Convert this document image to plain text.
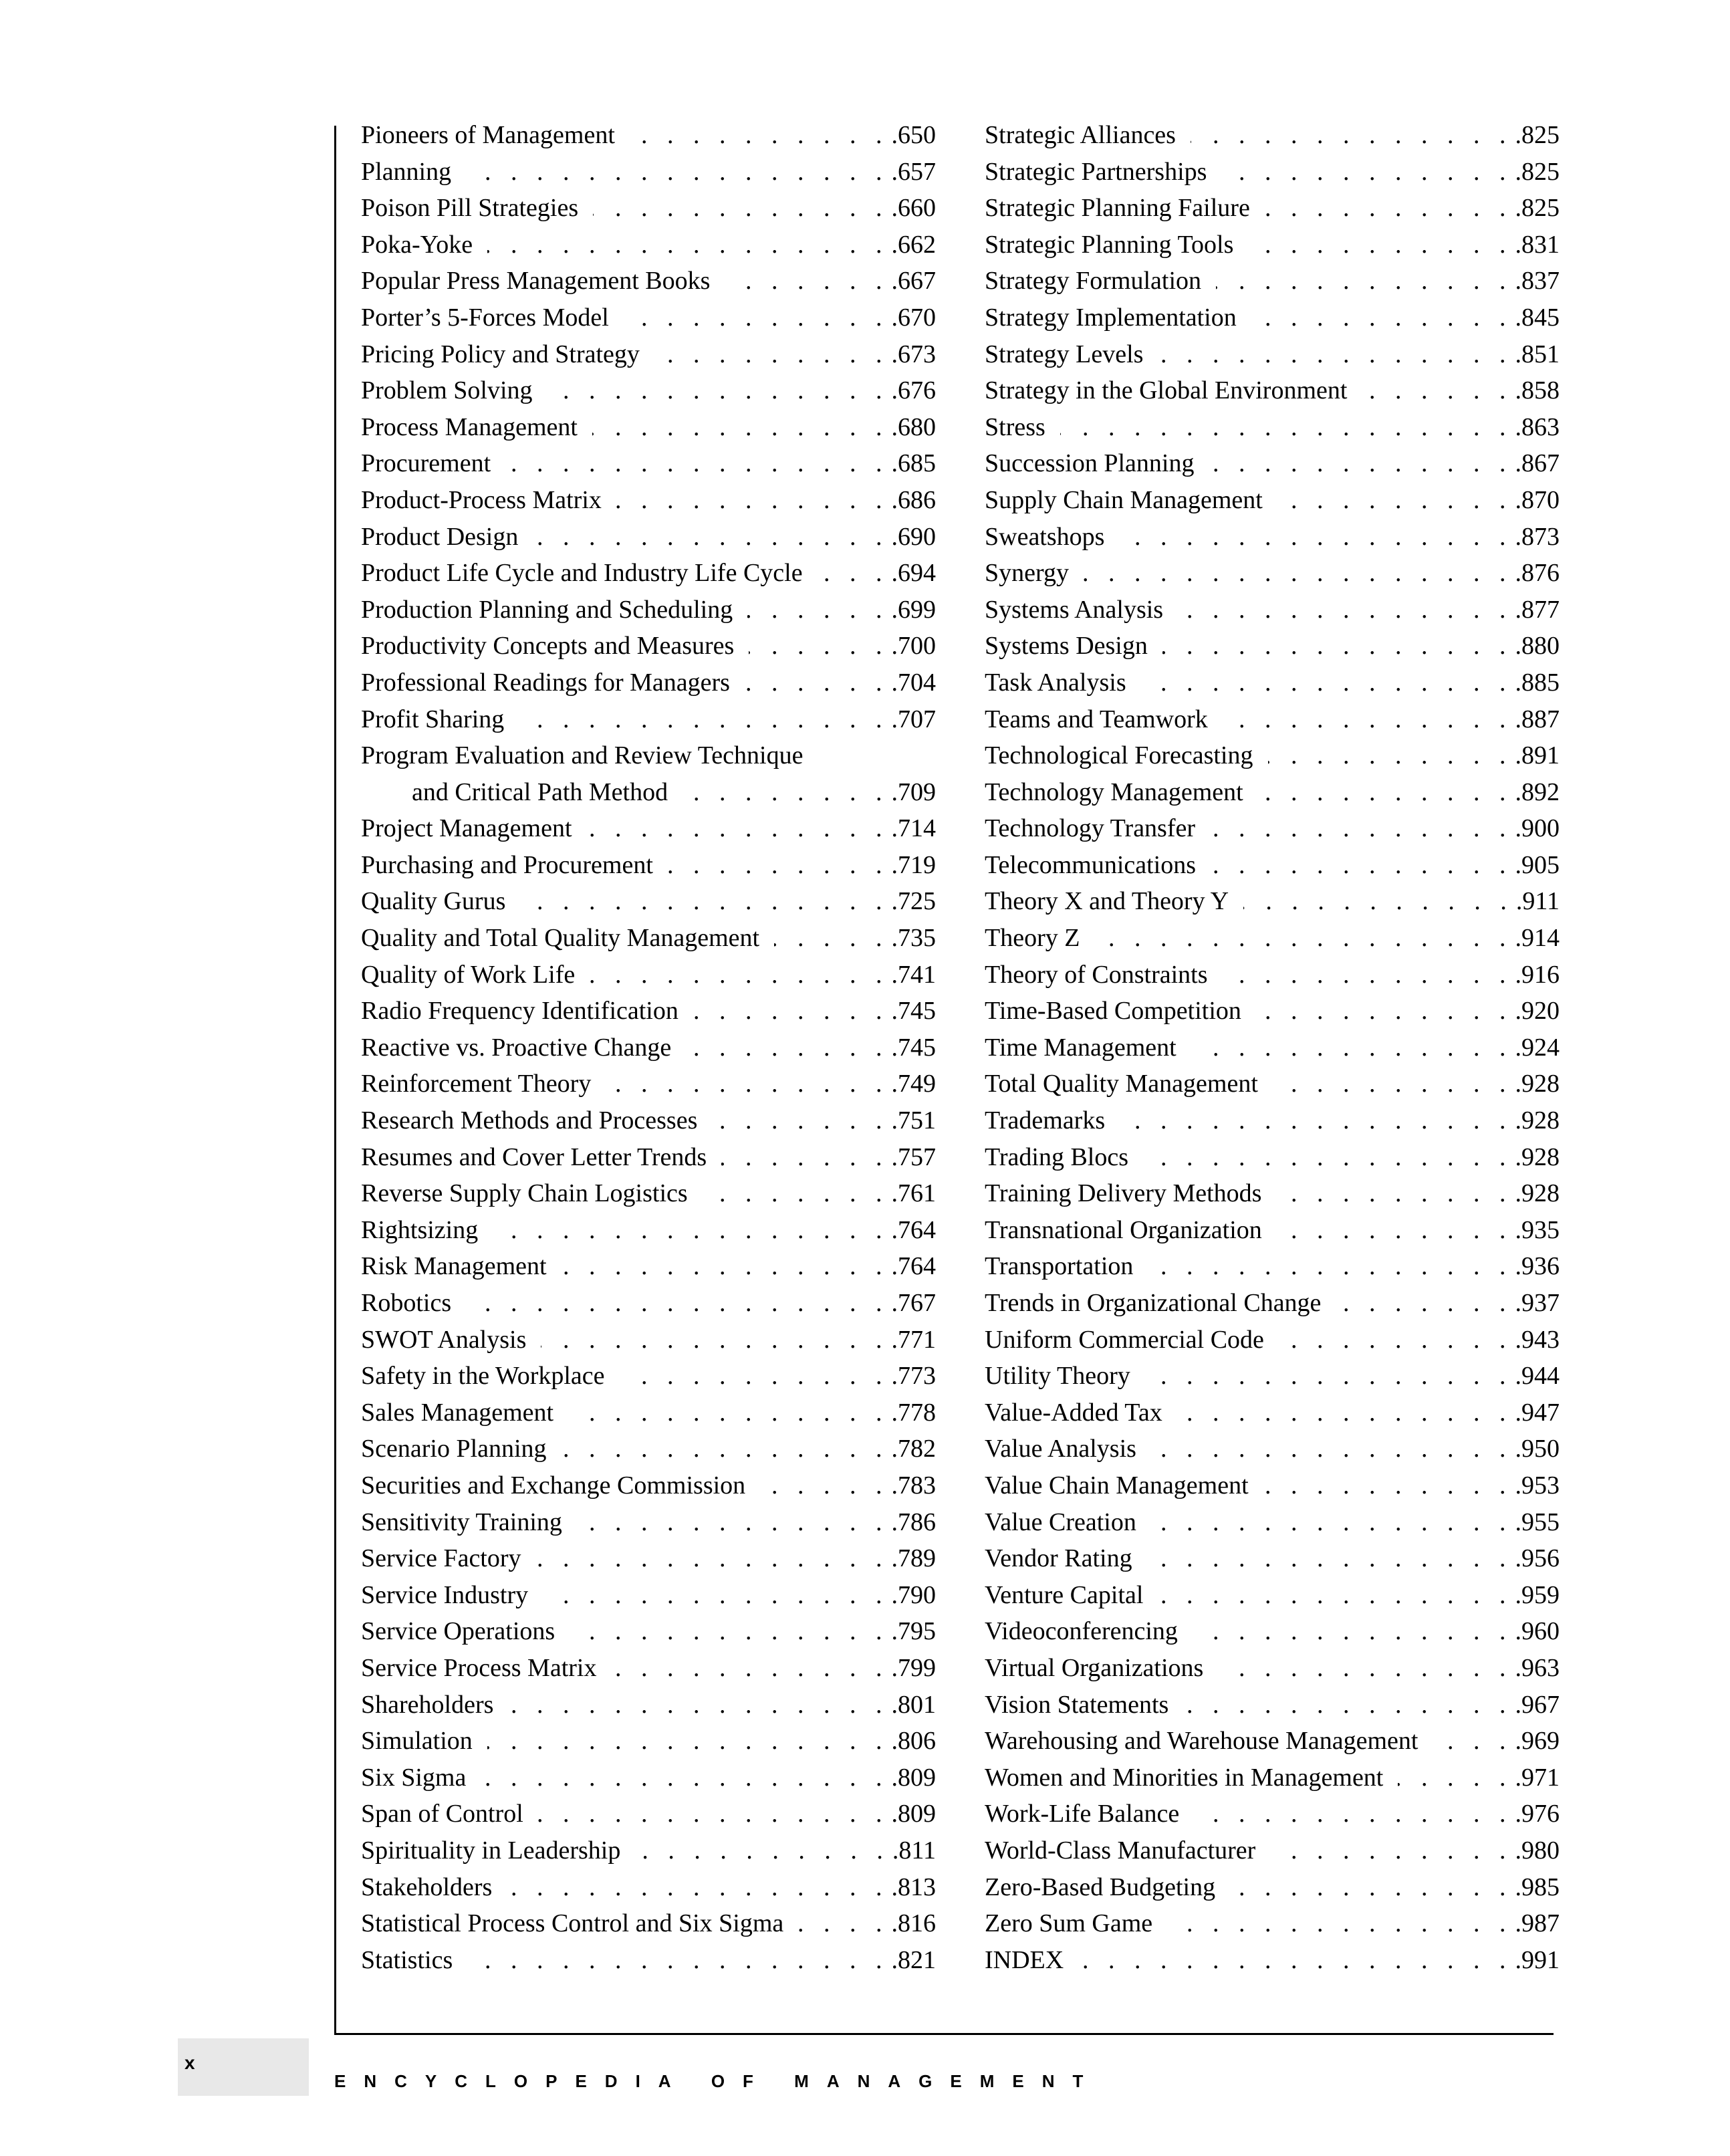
Pioneers of Management . . .	.650
Planning . . .	.657
Poison Pill Strategies . . .	.660
Poka-Yoke . . .	.662
Popular Press Management Books . . .	.667
Porter’s 5-Forces Model . . .	.670
Pricing Policy and Strategy . . .	.673
Problem Solving . . .	.676
Process Management . . .	.680
Procurement . . .	.685
Product-Process Matrix . . .	.686
Product Design . . .	.690
Product Life Cycle and Industry Life Cycle . . .	.694
Production Planning and Scheduling . . .	.699
Productivity Concepts and Measures . . .	.700
Professional Readings for Managers . . .	.704
Profit Sharing . . .	.707
Program Evaluation and Review Technique
and Critical Path Method . . .	.709
Project Management . . .	.714
Purchasing and Procurement . . .	.719
Quality Gurus . . .	.725
Quality and Total Quality Management . . .	.735
Quality of Work Life . . .	.741
Radio Frequency Identification . . .	.745
Reactive vs. Proactive Change . . .	.745
Reinforcement Theory . . .	.749
Research Methods and Processes . . .	.751
Resumes and Cover Letter Trends . . .	.757
Reverse Supply Chain Logistics . . .	.761
Rightsizing . . .	.764
Risk Management . . .	.764
Robotics . . .	.767
SWOT Analysis . . .	.771
Safety in the Workplace . . .	.773
Sales Management . . .	.778
Scenario Planning . . .	.782
Securities and Exchange Commission . . .	.783
Sensitivity Training . . .	.786
Service Factory . . .	.789
Service Industry . . .	.790
Service Operations . . .	.795
Service Process Matrix . . .	.799
Shareholders . . .	.801
Simulation . . .	.806
Six Sigma . . .	.809
Span of Control . . .	.809
Spirituality in Leadership . . .	.811
Stakeholders . . .	.813
Statistical Process Control and Six Sigma . . .	.816
Statistics . . .	.821
Strategic Alliances . . .	.825
Strategic Partnerships . . .	.825
Strategic Planning Failure . . .	.825
Strategic Planning Tools . . .	.831
Strategy Formulation . . .	.837
Strategy Implementation . . .	.845
Strategy Levels . . .	.851
Strategy in the Global Environment . . .	.858
Stress . . .	.863
Succession Planning . . .	.867
Supply Chain Management . . .	.870
Sweatshops . . .	.873
Synergy . . .	.876
Systems Analysis . . .	.877
Systems Design . . .	.880
Task Analysis . . .	.885
Teams and Teamwork . . .	.887
Technological Forecasting . . .	.891
Technology Management . . .	.892
Technology Transfer . . .	.900
Telecommunications . . .	.905
Theory X and Theory Y . . .	.911
Theory Z . . .	.914
Theory of Constraints . . .	.916
Time-Based Competition . . .	.920
Time Management . . .	.924
Total Quality Management . . .	.928
Trademarks . . .	.928
Trading Blocs . . .	.928
Training Delivery Methods . . .	.928
Transnational Organization . . .	.935
Transportation . . .	.936
Trends in Organizational Change . . .	.937
Uniform Commercial Code . . .	.943
Utility Theory . . .	.944
Value-Added Tax . . .	.947
Value Analysis . . .	.950
Value Chain Management . . .	.953
Value Creation . . .	.955
Vendor Rating . . .	.956
Venture Capital . . .	.959
Videoconferencing . . .	.960
Virtual Organizations . . .	.963
Vision Statements . . .	.967
Warehousing and Warehouse Management . . .	.969
Women and Minorities in Management . . .	.971
Work-Life Balance . . .	.976
World-Class Manufacturer . . .	.980
Zero-Based Budgeting . . .	.985
Zero Sum Game . . .	.987
INDEX . . .	.991
x
ENCYCLOPEDIA OF MANAGEMENT
